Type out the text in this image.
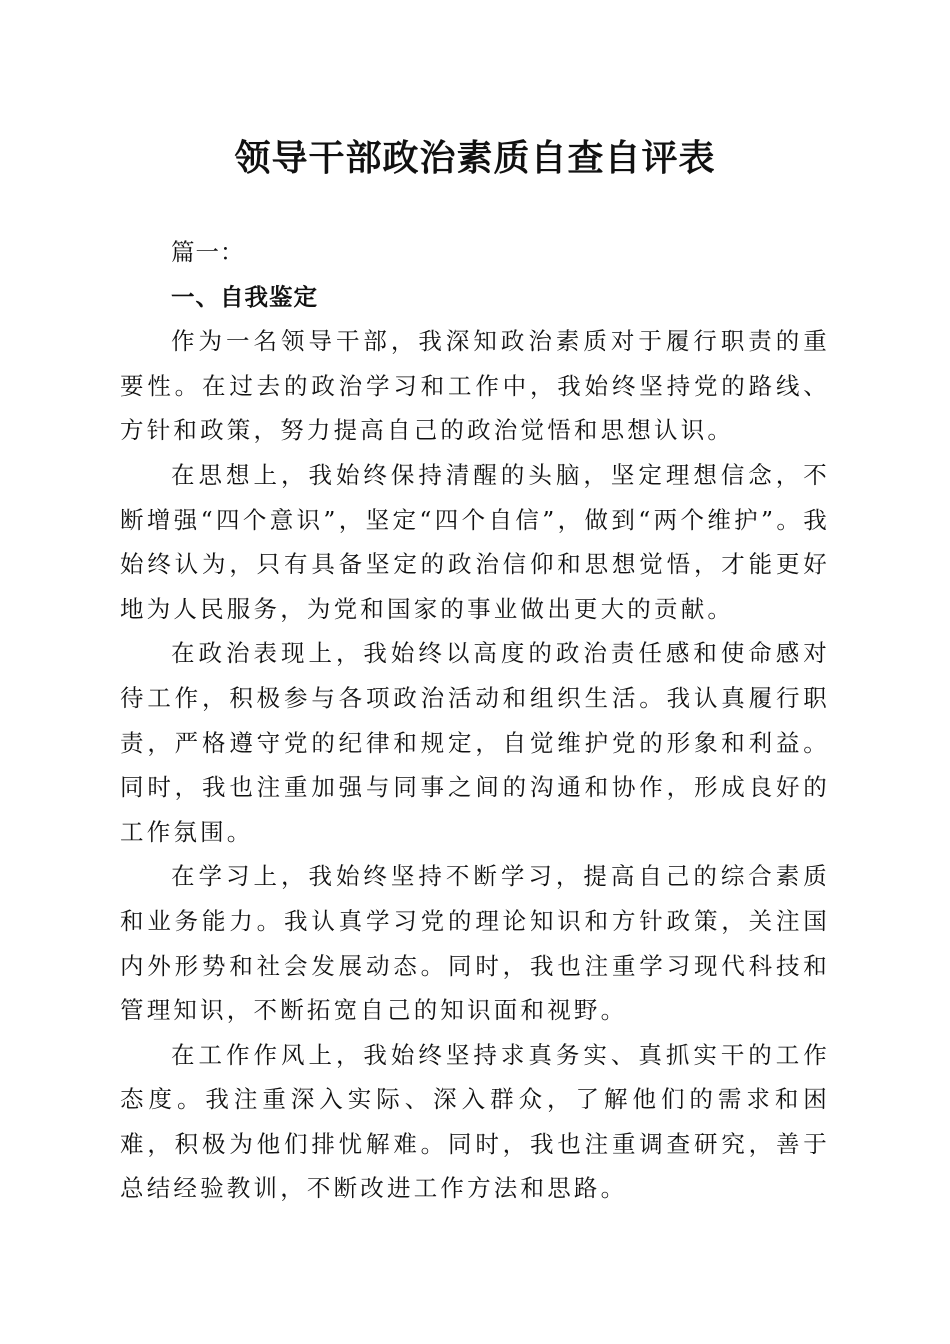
领导干部政治素质自查自评表

篇一：

一、自我鉴定

作为一名领导干部，我深知政治素质对于履行职责的重要性。在过去的政治学习和工作中，我始终坚持党的路线、方针和政策，努力提高自己的政治觉悟和思想认识。

在思想上，我始终保持清醒的头脑，坚定理想信念，不断增强“四个意识”，坚定“四个自信”，做到“两个维护”。我始终认为，只有具备坚定的政治信仰和思想觉悟，才能更好地为人民服务，为党和国家的事业做出更大的贡献。

在政治表现上，我始终以高度的政治责任感和使命感对待工作，积极参与各项政治活动和组织生活。我认真履行职责，严格遵守党的纪律和规定，自觉维护党的形象和利益。同时，我也注重加强与同事之间的沟通和协作，形成良好的工作氛围。

在学习上，我始终坚持不断学习，提高自己的综合素质和业务能力。我认真学习党的理论知识和方针政策，关注国内外形势和社会发展动态。同时，我也注重学习现代科技和管理知识，不断拓宽自己的知识面和视野。

在工作作风上，我始终坚持求真务实、真抓实干的工作态度。我注重深入实际、深入群众，了解他们的需求和困难，积极为他们排忧解难。同时，我也注重调查研究，善于总结经验教训，不断改进工作方法和思路。
